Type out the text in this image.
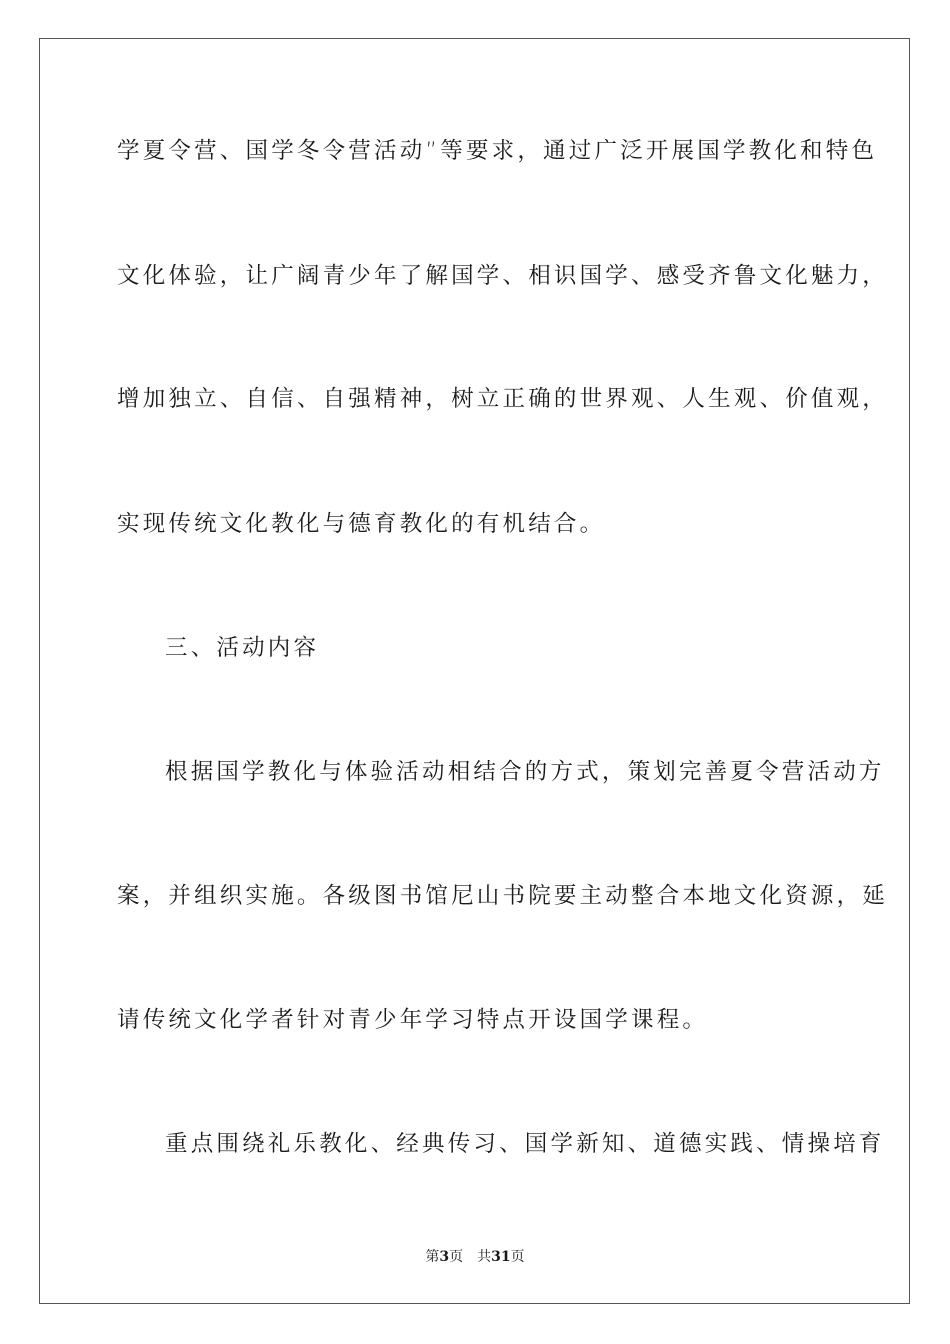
学夏令营、国学冬令营活动”等要求，通过广泛开展国学教化和特色
文化体验，让广阔青少年了解国学、相识国学、感受齐鲁文化魅力，
增加独立、自信、自强精神，树立正确的世界观、人生观、价值观，
实现传统文化教化与德育教化的有机结合。
三、活动内容
根据国学教化与体验活动相结合的方式，策划完善夏令营活动方
案，并组织实施。各级图书馆尼山书院要主动整合本地文化资源，延
请传统文化学者针对青少年学习特点开设国学课程。
重点围绕礼乐教化、经典传习、国学新知、道德实践、情操培育
第3页 共31页
